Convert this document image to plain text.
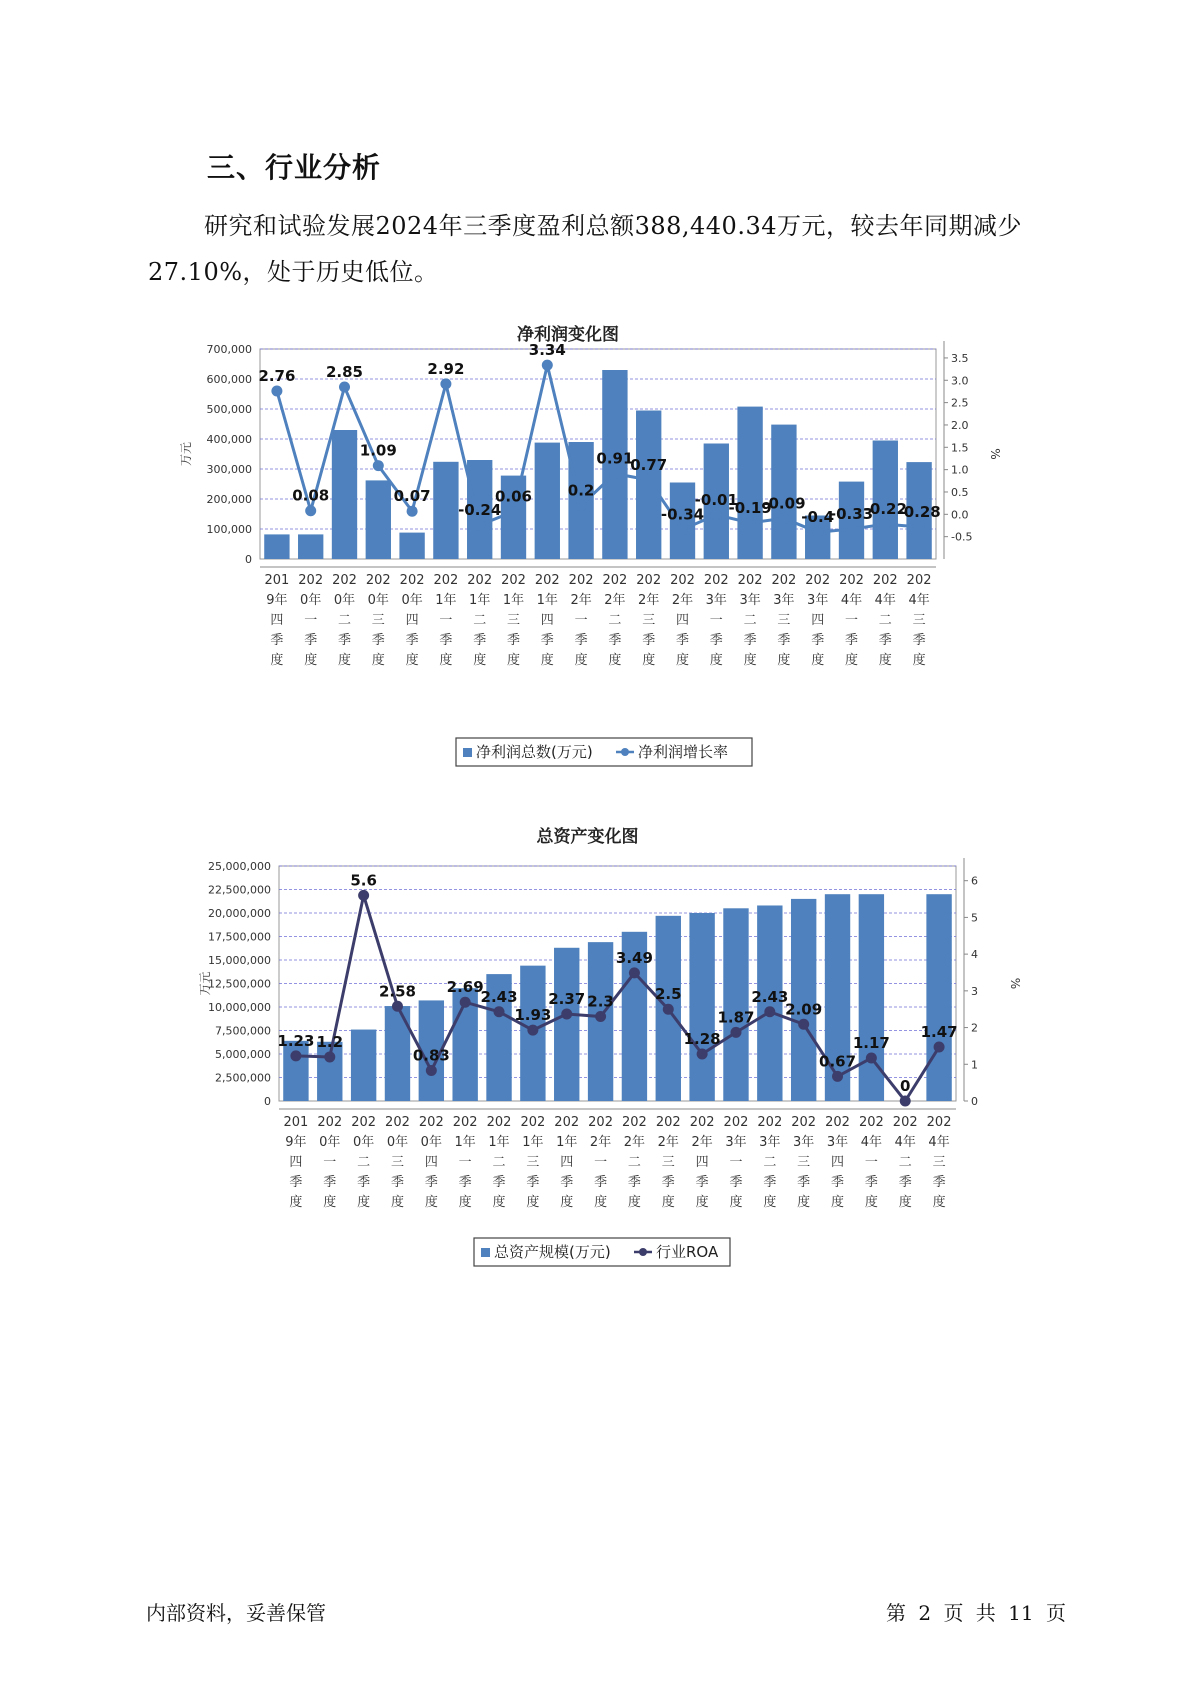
三、行业分析
研究和试验发展2024年三季度盈利总额388,440.34万元，较去年同期减少27.10%，处于历史低位。
净利润变化图
0
100,000
200,000
300,000
400,000
500,000
600,000
700,000
-0.5
0.0
0.5
1.0
1.5
2.0
2.5
3.0
3.5
万元	%
2.76
0.08
2.85
1.09
0.07
2.92
-0.24
0.06
3.34
0.2
0.91
0.77
-0.34
-0.01
-0.19
-0.09
-0.4
-0.33
-0.22
-0.28
201
9年
四
季
度
202
0年
一
季
度
202
0年
二
季
度
202
0年
三
季
度
202
0年
四
季
度
202
1年
一
季
度
202
1年
二
季
度
202
1年
三
季
度
202
1年
四
季
度
202
2年
一
季
度
202
2年
二
季
度
202
2年
三
季
度
202
2年
四
季
度
202
3年
一
季
度
202
3年
二
季
度
202
3年
三
季
度
202
3年
四
季
度
202
4年
一
季
度
202
4年
二
季
度
202
4年
三
季
度
净利润总数(万元)	净利润增长率
总资产变化图
0
2,500,000
5,000,000
7,500,000
10,000,000
12,500,000
15,000,000
17,500,000
20,000,000
22,500,000
25,000,000
0
1
2
3
4
5
6
万元	%
1.23 1.2
5.6
2.58
0.83
2.69
2.43
1.93
2.37 2.3
3.49
2.5
1.28
1.87
2.43
2.09
0.67
1.17
0
1.47
201
9年
四
季
度
202
0年
一
季
度
202
0年
二
季
度
202
0年
三
季
度
202
0年
四
季
度
202
1年
一
季
度
202
1年
二
季
度
202
1年
三
季
度
202
1年
四
季
度
202
2年
一
季
度
202
2年
二
季
度
202
2年
三
季
度
202
2年
四
季
度
202
3年
一
季
度
202
3年
二
季
度
202
3年
三
季
度
202
3年
四
季
度
202
4年
一
季
度
202
4年
二
季
度
202
4年
三
季
度
总资产规模(万元)	行业ROA
内部资料，妥善保管	第 2 页 共 11 页
